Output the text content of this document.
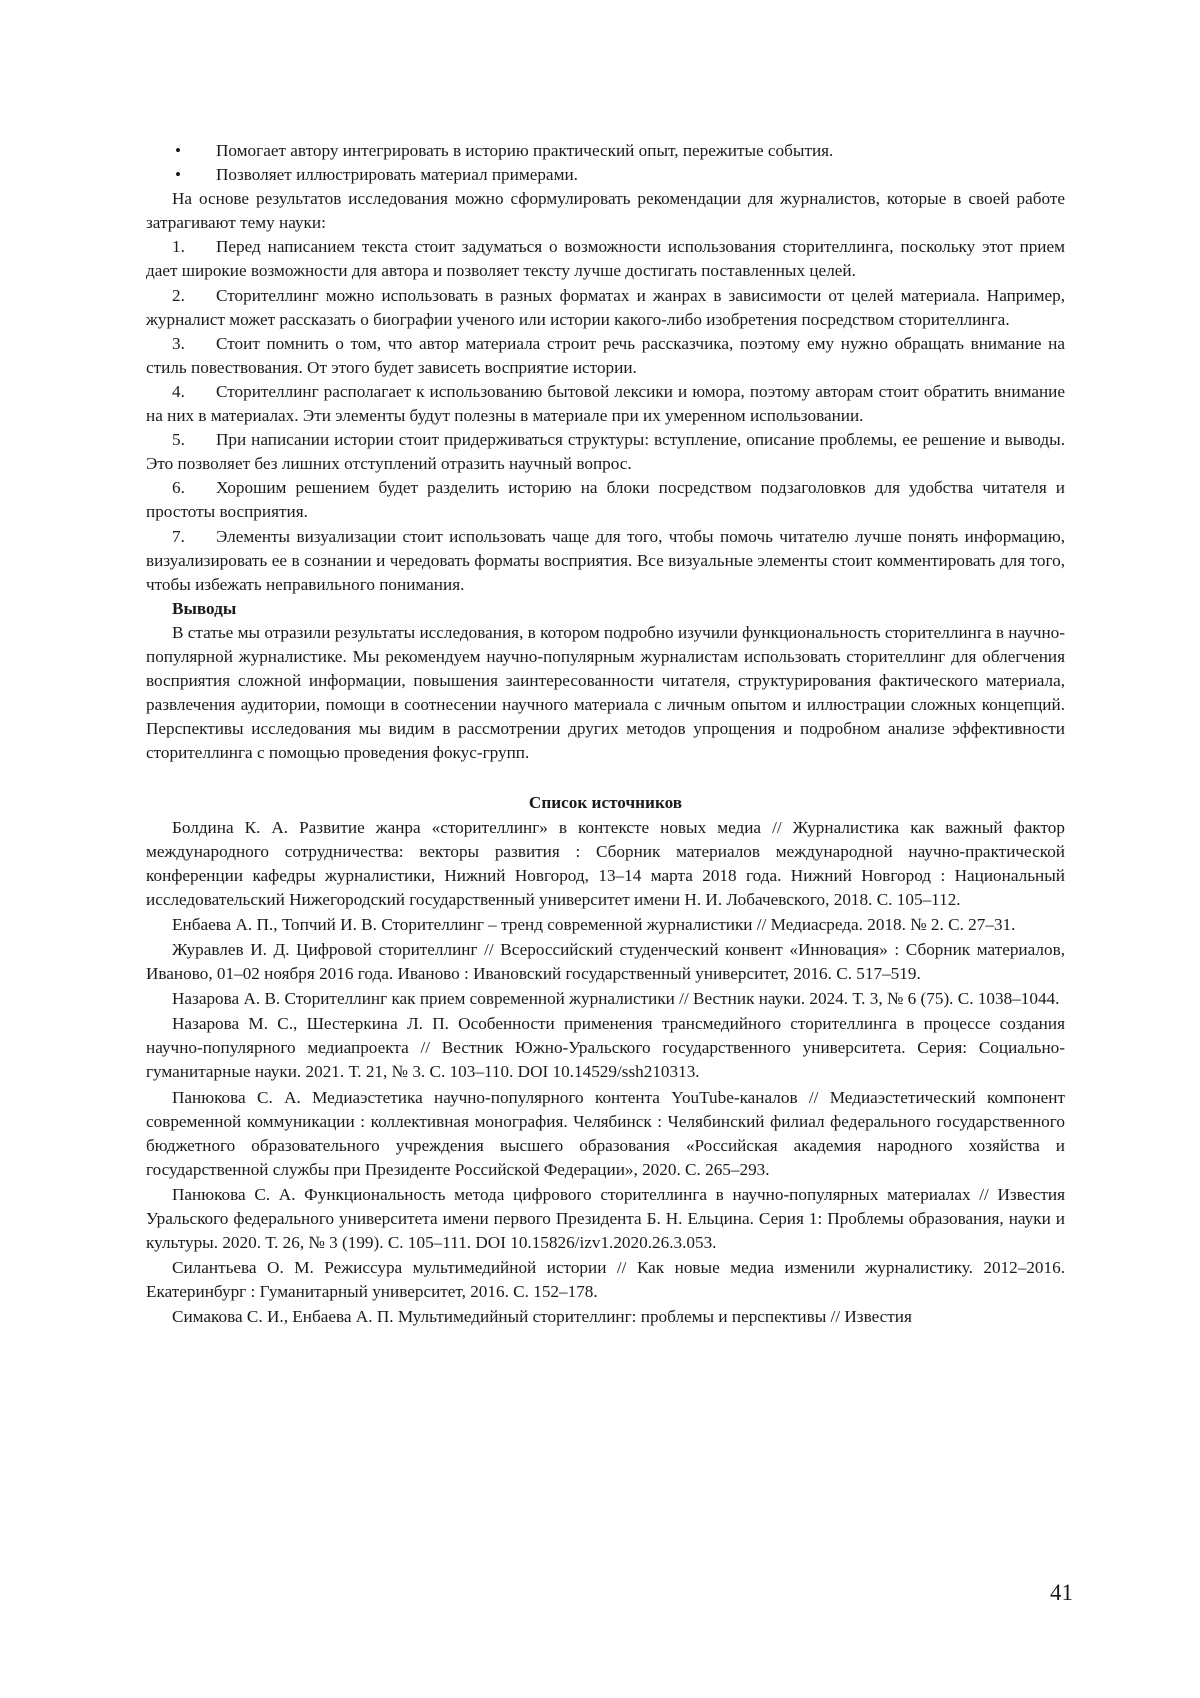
• Помогает автору интегрировать в историю практический опыт, пережитые события.

• Позволяет иллюстрировать материал примерами.

На основе результатов исследования можно сформулировать рекомендации для журналистов, которые в своей работе затрагивают тему науки:

1. Перед написанием текста стоит задуматься о возможности использования сторителлинга, поскольку этот прием дает широкие возможности для автора и позволяет тексту лучше достигать поставленных целей.

2. Сторителлинг можно использовать в разных форматах и жанрах в зависимости от целей материала. Например, журналист может рассказать о биографии ученого или истории какого-либо изобретения посредством сторителлинга.

3. Стоит помнить о том, что автор материала строит речь рассказчика, поэтому ему нужно обращать внимание на стиль повествования. От этого будет зависеть восприятие истории.

4. Сторителлинг располагает к использованию бытовой лексики и юмора, поэтому авторам стоит обратить внимание на них в материалах. Эти элементы будут полезны в материале при их умеренном использовании.

5. При написании истории стоит придерживаться структуры: вступление, описание проблемы, ее решение и выводы. Это позволяет без лишних отступлений отразить научный вопрос.

6. Хорошим решением будет разделить историю на блоки посредством подзаголовков для удобства читателя и простоты восприятия.

7. Элементы визуализации стоит использовать чаще для того, чтобы помочь читателю лучше понять информацию, визуализировать ее в сознании и чередовать форматы восприятия. Все визуальные элементы стоит комментировать для того, чтобы избежать неправильного понимания.

Выводы

В статье мы отразили результаты исследования, в котором подробно изучили функциональность сторителлинга в научно-популярной журналистике. Мы рекомендуем научно-популярным журналистам использовать сторителлинг для облегчения восприятия сложной информации, повышения заинтересованности читателя, структурирования фактического материала, развлечения аудитории, помощи в соотнесении научного материала с личным опытом и иллюстрации сложных концепций. Перспективы исследования мы видим в рассмотрении других методов упрощения и подробном анализе эффективности сторителлинга с помощью проведения фокус-групп.

Список источников

Болдина К. А. Развитие жанра «сторителлинг» в контексте новых медиа // Журналистика как важный фактор международного сотрудничества: векторы развития : Сборник материалов международной научно-практической конференции кафедры журналистики, Нижний Новгород, 13–14 марта 2018 года. Нижний Новгород : Национальный исследовательский Нижегородский государственный университет имени Н. И. Лобачевского, 2018. С. 105–112.

Енбаева А. П., Топчий И. В. Сторителлинг – тренд современной журналистики // Медиасреда. 2018. № 2. С. 27–31.

Журавлев И. Д. Цифровой сторителлинг // Всероссийский студенческий конвент «Инновация» : Сборник материалов, Иваново, 01–02 ноября 2016 года. Иваново : Ивановский государственный университет, 2016. С. 517–519.

Назарова А. В. Сторителлинг как прием современной журналистики // Вестник науки. 2024. Т. 3, № 6 (75). С. 1038–1044.

Назарова М. С., Шестеркина Л. П. Особенности применения трансмедийного сторителлинга в процессе создания научно-популярного медиапроекта // Вестник Южно-Уральского государственного университета. Серия: Социально-гуманитарные науки. 2021. Т. 21, № 3. С. 103–110. DOI 10.14529/ssh210313.

Панюкова С. А. Медиаэстетика научно-популярного контента YouTube-каналов // Медиаэстетический компонент современной коммуникации : коллективная монография. Челябинск : Челябинский филиал федерального государственного бюджетного образовательного учреждения высшего образования «Российская академия народного хозяйства и государственной службы при Президенте Российской Федерации», 2020. С. 265–293.

Панюкова С. А. Функциональность метода цифрового сторителлинга в научно-популярных материалах // Известия Уральского федерального университета имени первого Президента Б. Н. Ельцина. Серия 1: Проблемы образования, науки и культуры. 2020. Т. 26, № 3 (199). С. 105–111. DOI 10.15826/izv1.2020.26.3.053.

Силантьева О. М. Режиссура мультимедийной истории // Как новые медиа изменили журналистику. 2012–2016. Екатеринбург : Гуманитарный университет, 2016. С. 152–178.

Симакова С. И., Енбаева А. П. Мультимедийный сторителлинг: проблемы и перспективы // Известия

41
